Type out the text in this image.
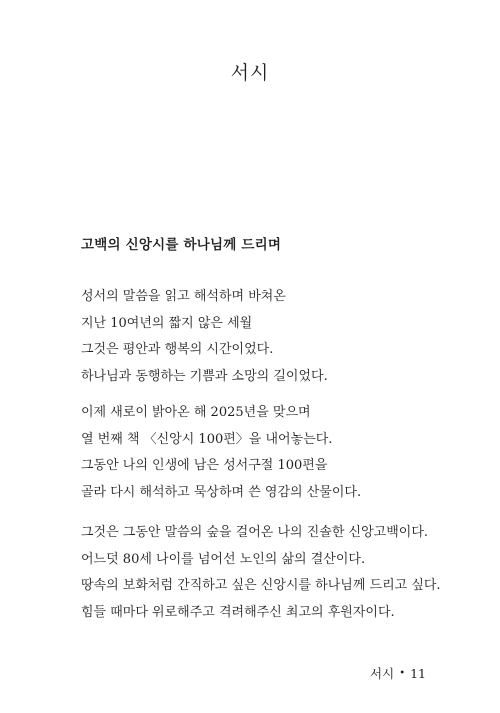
서시
고백의 신앙시를 하나님께 드리며
성서의 말씀을 읽고 해석하며 바쳐온
지난 10여년의 짧지 않은 세월
그것은 평안과 행복의 시간이었다.
하나님과 동행하는 기쁨과 소망의 길이었다.
이제 새로이 밝아온 해 2025년을 맞으며
열 번째 책 〈신앙시 100편〉을 내어놓는다.
그동안 나의 인생에 남은 성서구절 100편을
골라 다시 해석하고 묵상하며 쓴 영감의 산물이다.
그것은 그동안 말씀의 숲을 걸어온 나의 진솔한 신앙고백이다.
어느덧 80세 나이를 넘어선 노인의 삶의 결산이다.
땅속의 보화처럼 간직하고 싶은 신앙시를 하나님께 드리고 싶다.
힘들 때마다 위로해주고 격려해주신 최고의 후원자이다.
서시 • 11
